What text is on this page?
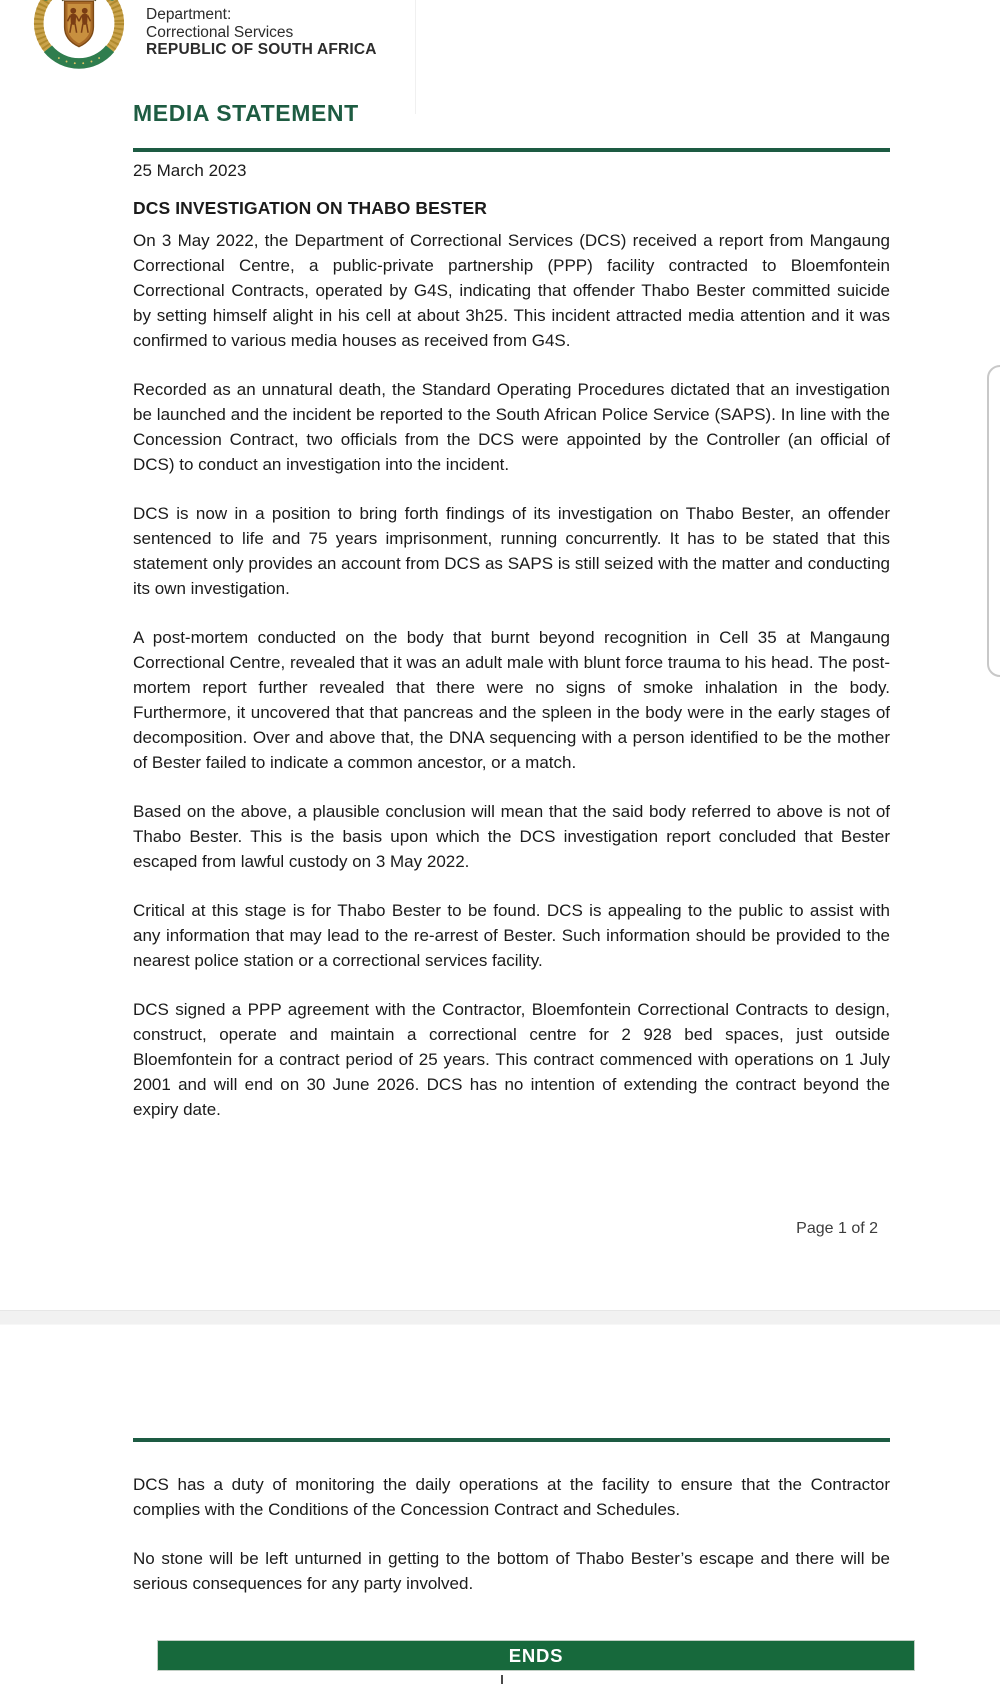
Department:
Correctional Services
REPUBLIC OF SOUTH AFRICA
MEDIA STATEMENT
25 March 2023
DCS INVESTIGATION ON THABO BESTER

On 3 May 2022, the Department of Correctional Services (DCS) received a report from Mangaung Correctional Centre, a public-private partnership (PPP) facility contracted to Bloemfontein Correctional Contracts, operated by G4S, indicating that offender Thabo Bester committed suicide by setting himself alight in his cell at about 3h25. This incident attracted media attention and it was confirmed to various media houses as received from G4S.

Recorded as an unnatural death, the Standard Operating Procedures dictated that an investigation be launched and the incident be reported to the South African Police Service (SAPS). In line with the Concession Contract, two officials from the DCS were appointed by the Controller (an official of DCS) to conduct an investigation into the incident.

DCS is now in a position to bring forth findings of its investigation on Thabo Bester, an offender sentenced to life and 75 years imprisonment, running concurrently. It has to be stated that this statement only provides an account from DCS as SAPS is still seized with the matter and conducting its own investigation.

A post-mortem conducted on the body that burnt beyond recognition in Cell 35 at Mangaung Correctional Centre, revealed that it was an adult male with blunt force trauma to his head. The post-mortem report further revealed that there were no signs of smoke inhalation in the body. Furthermore, it uncovered that that pancreas and the spleen in the body were in the early stages of decomposition. Over and above that, the DNA sequencing with a person identified to be the mother of Bester failed to indicate a common ancestor, or a match.

Based on the above, a plausible conclusion will mean that the said body referred to above is not of Thabo Bester. This is the basis upon which the DCS investigation report concluded that Bester escaped from lawful custody on 3 May 2022.

Critical at this stage is for Thabo Bester to be found. DCS is appealing to the public to assist with any information that may lead to the re-arrest of Bester. Such information should be provided to the nearest police station or a correctional services facility.

DCS signed a PPP agreement with the Contractor, Bloemfontein Correctional Contracts to design, construct, operate and maintain a correctional centre for 2 928 bed spaces, just outside Bloemfontein for a contract period of 25 years. This contract commenced with operations on 1 July 2001 and will end on 30 June 2026. DCS has no intention of extending the contract beyond the expiry date.

Page 1 of 2

DCS has a duty of monitoring the daily operations at the facility to ensure that the Contractor complies with the Conditions of the Concession Contract and Schedules.

No stone will be left unturned in getting to the bottom of Thabo Bester’s escape and there will be serious consequences for any party involved.

ENDS
